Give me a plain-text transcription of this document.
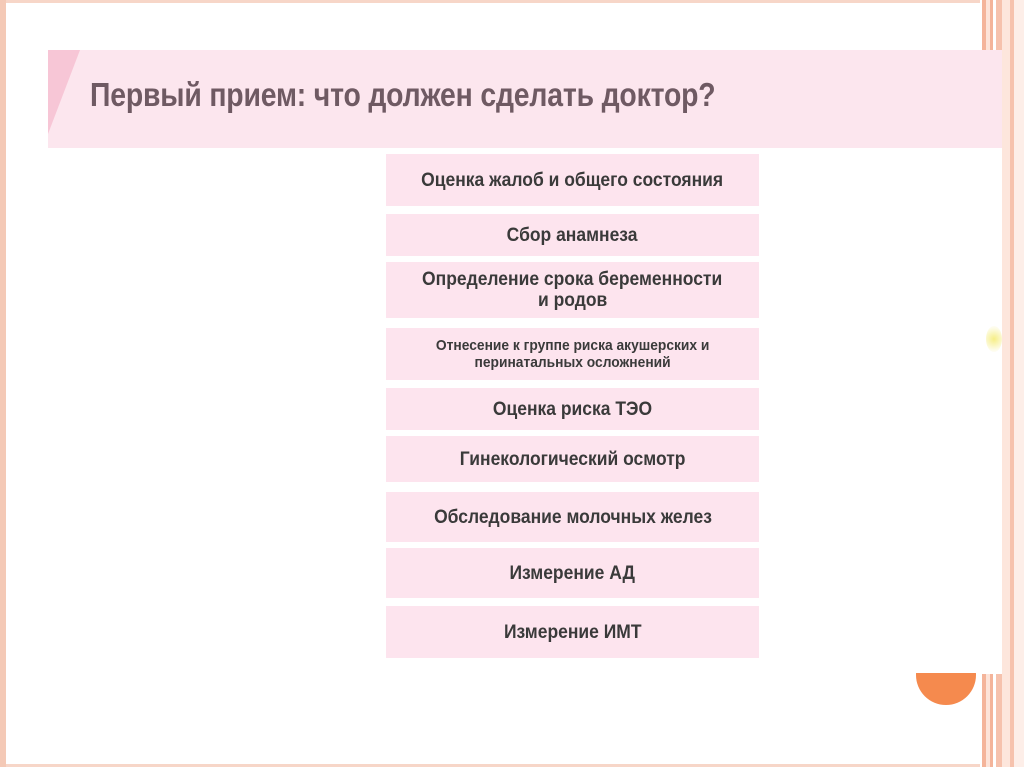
Первый прием: что должен сделать доктор?
Оценка жалоб и общего состояния
Сбор анамнеза
Определение срока беременности
и родов
Отнесение к группе риска акушерских и
перинатальных осложнений
Оценка риска ТЭО
Гинекологический осмотр
Обследование молочных желез
Измерение АД
Измерение ИМТ
